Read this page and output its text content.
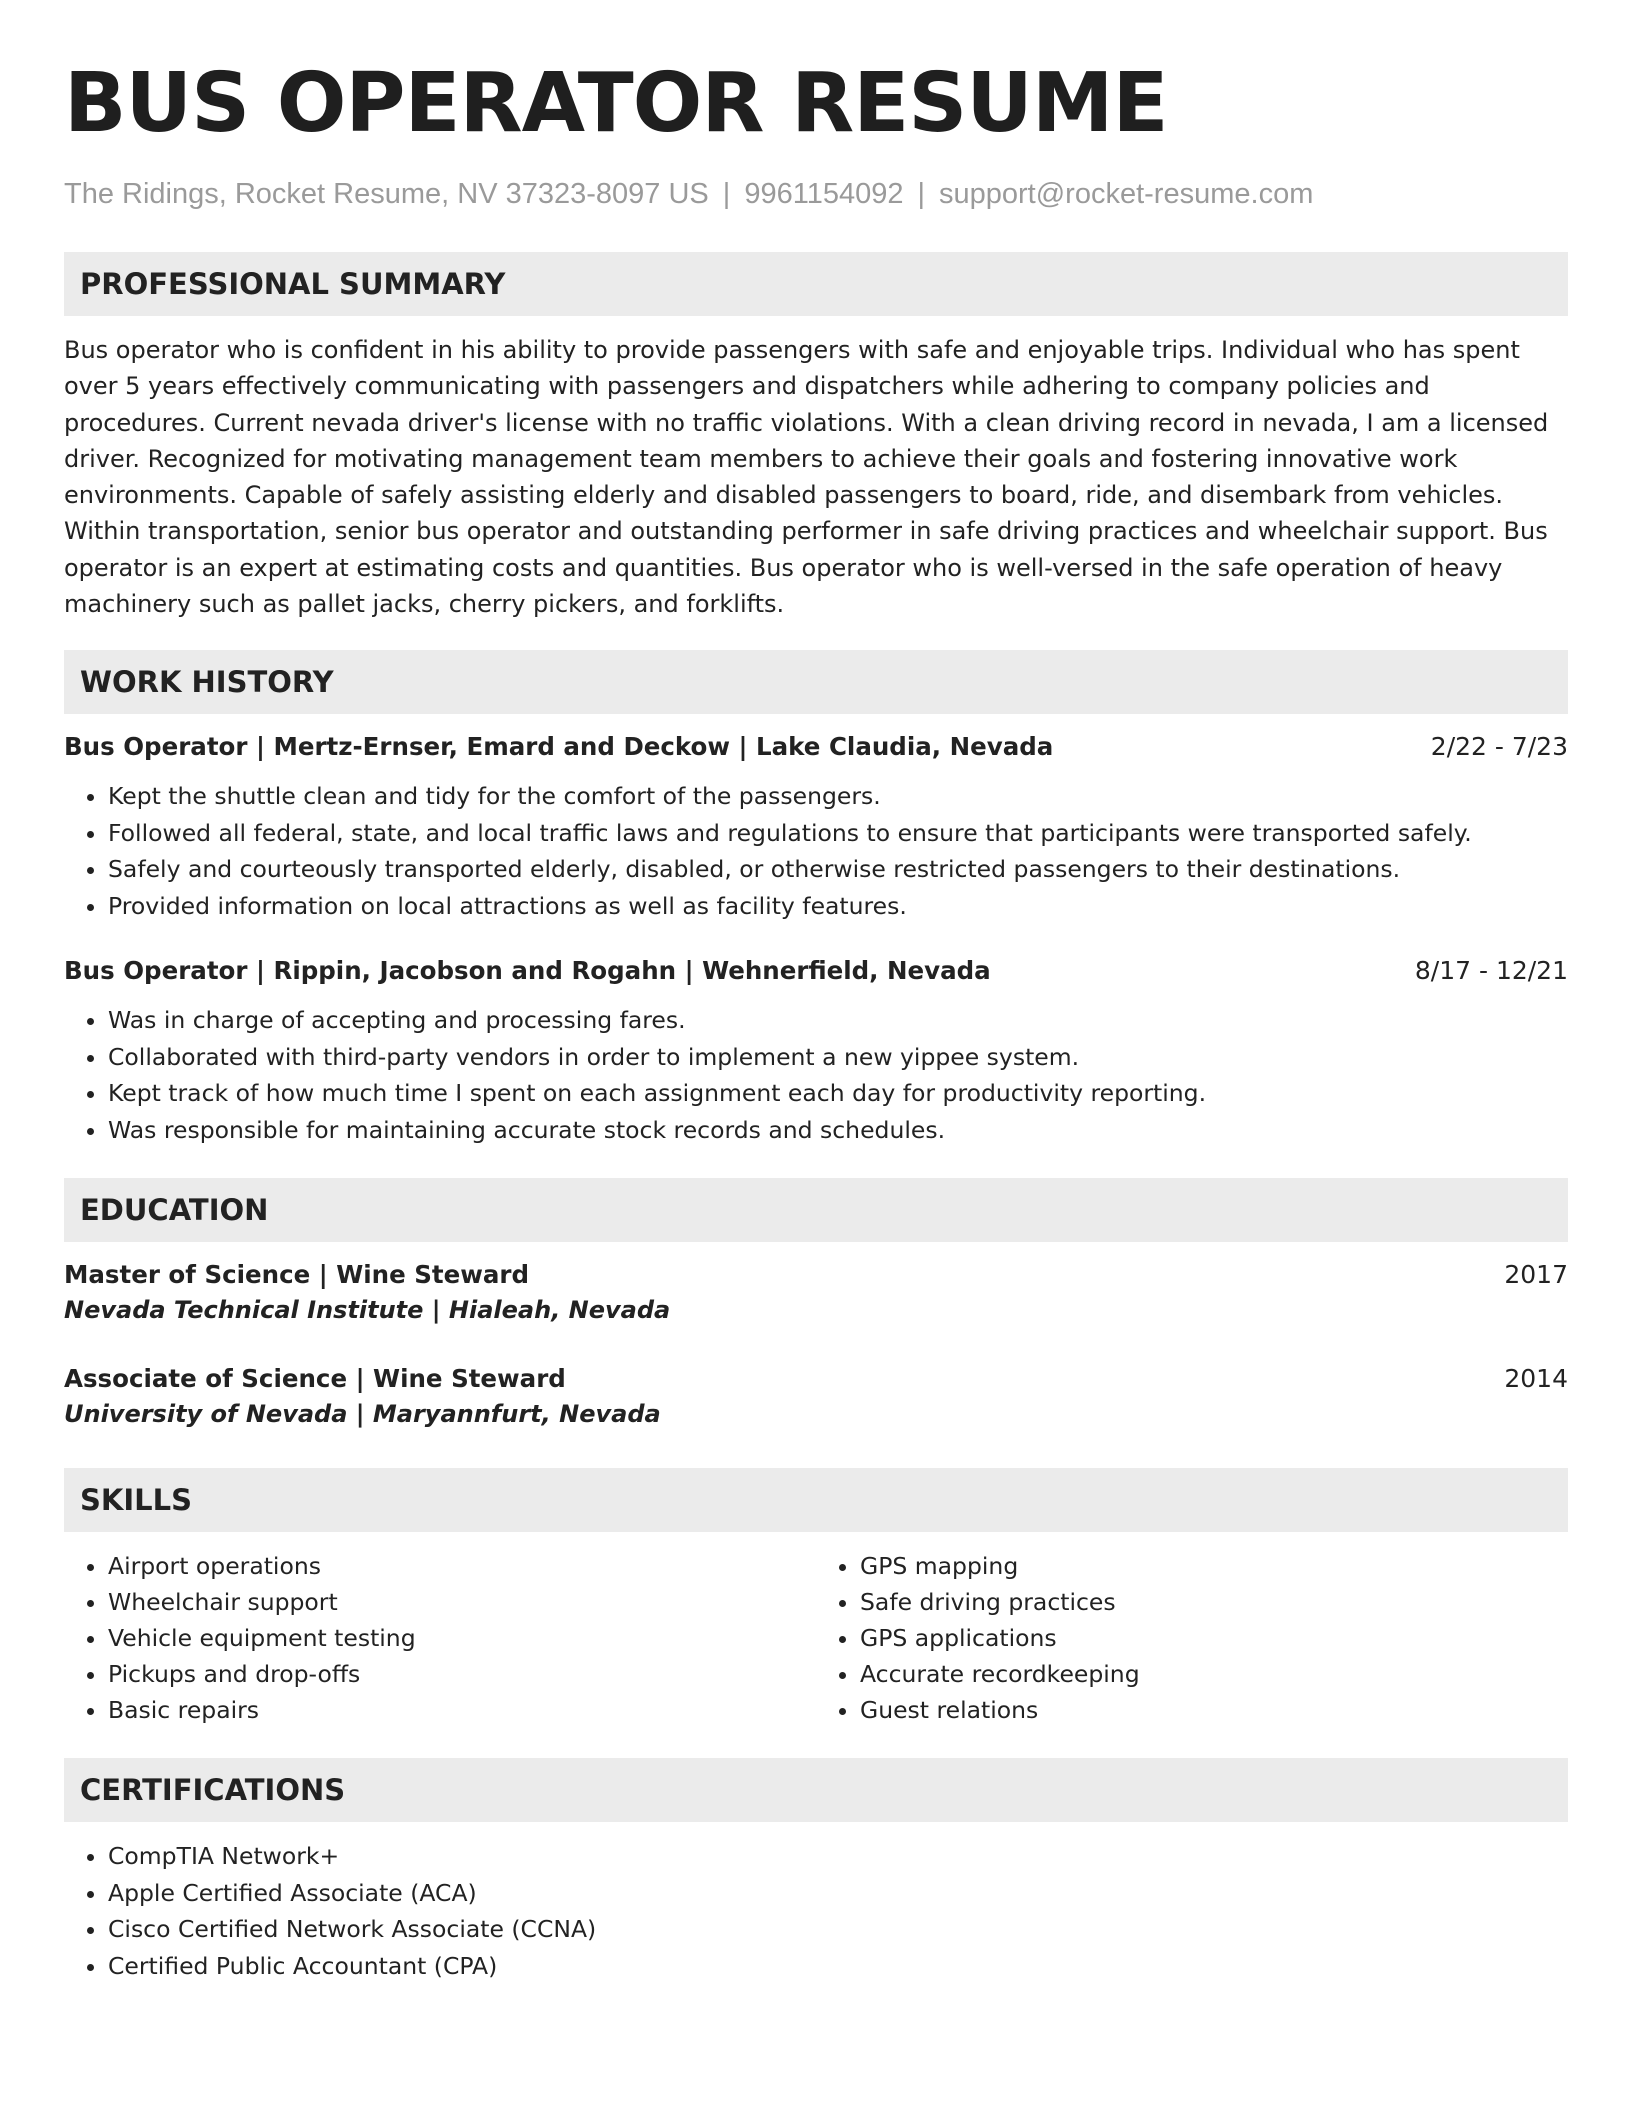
BUS OPERATOR RESUME
The Ridings, Rocket Resume, NV 37323-8097 US | 9961154092 | support@rocket-resume.com
PROFESSIONAL SUMMARY

Bus operator who is confident in his ability to provide passengers with safe and enjoyable trips. Individual who has spent over 5 years effectively communicating with passengers and dispatchers while adhering to company policies and procedures. Current nevada driver's license with no traffic violations. With a clean driving record in nevada, I am a licensed driver. Recognized for motivating management team members to achieve their goals and fostering innovative work environments. Capable of safely assisting elderly and disabled passengers to board, ride, and disembark from vehicles. Within transportation, senior bus operator and outstanding performer in safe driving practices and wheelchair support. Bus operator is an expert at estimating costs and quantities. Bus operator who is well-versed in the safe operation of heavy machinery such as pallet jacks, cherry pickers, and forklifts.

WORK HISTORY
Bus Operator | Mertz-Ernser, Emard and Deckow | Lake Claudia, Nevada	2/22 - 7/23
• Kept the shuttle clean and tidy for the comfort of the passengers.
• Followed all federal, state, and local traffic laws and regulations to ensure that participants were transported safely.
• Safely and courteously transported elderly, disabled, or otherwise restricted passengers to their destinations.
• Provided information on local attractions as well as facility features.
Bus Operator | Rippin, Jacobson and Rogahn | Wehnerfield, Nevada	8/17 - 12/21
• Was in charge of accepting and processing fares.
• Collaborated with third-party vendors in order to implement a new yippee system.
• Kept track of how much time I spent on each assignment each day for productivity reporting.
• Was responsible for maintaining accurate stock records and schedules.
EDUCATION
Master of Science | Wine Steward	2017
Nevada Technical Institute | Hialeah, Nevada
Associate of Science | Wine Steward	2014
University of Nevada | Maryannfurt, Nevada
SKILLS
• Airport operations
• Wheelchair support
• Vehicle equipment testing
• Pickups and drop-offs
• Basic repairs
• GPS mapping
• Safe driving practices
• GPS applications
• Accurate recordkeeping
• Guest relations
CERTIFICATIONS
• CompTIA Network+
• Apple Certified Associate (ACA)
• Cisco Certified Network Associate (CCNA)
• Certified Public Accountant (CPA)
